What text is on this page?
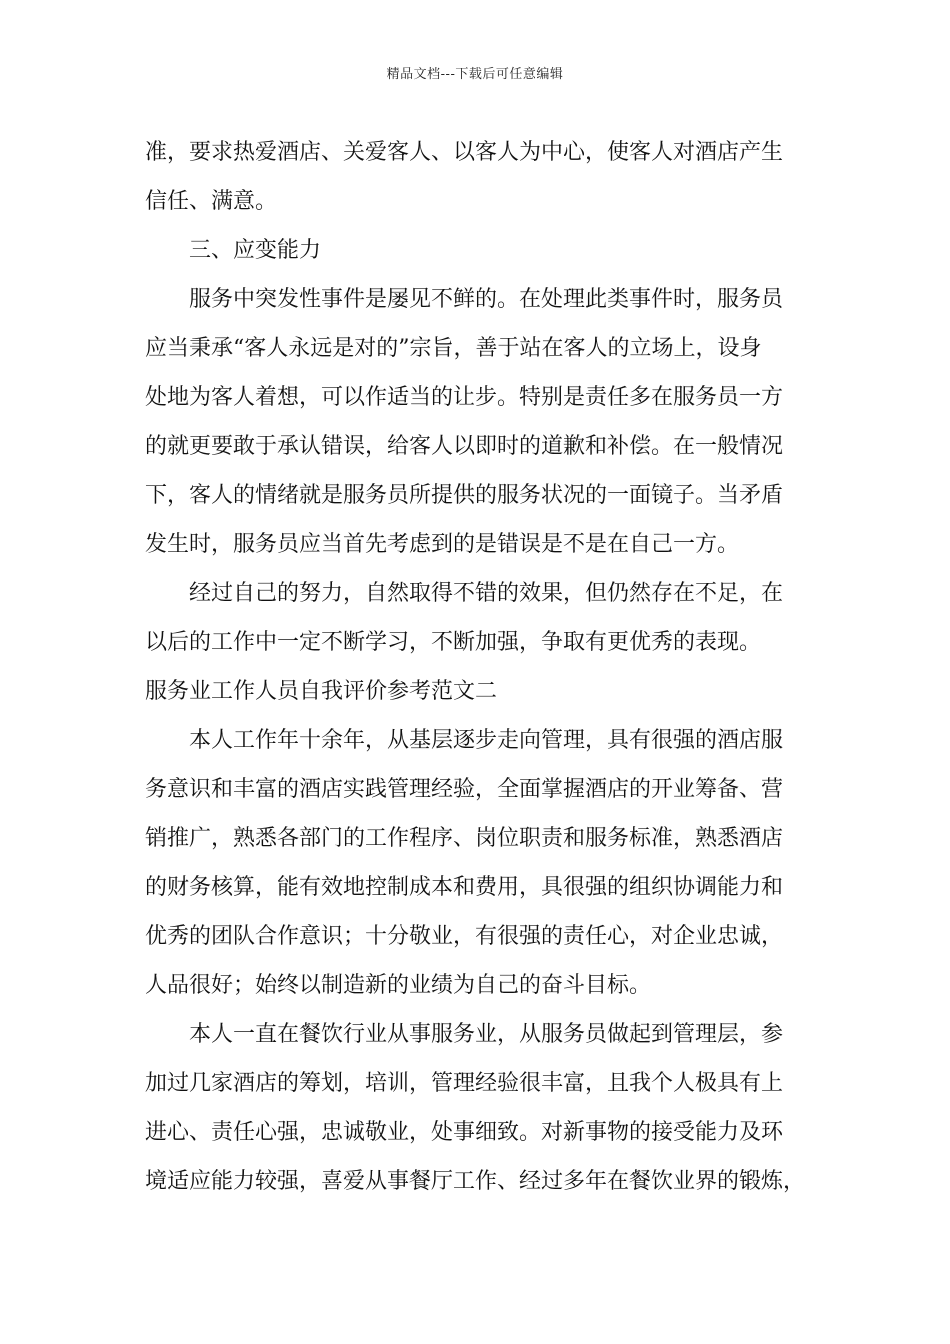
精品文档---下载后可任意编辑
准，要求热爱酒店、关爱客人、以客人为中心，使客人对酒店产生
信任、满意。
三、应变能力
服务中突发性事件是屡见不鲜的。在处理此类事件时，服务员
应当秉承“客人永远是对的”宗旨，善于站在客人的立场上，设身
处地为客人着想，可以作适当的让步。特别是责任多在服务员一方
的就更要敢于承认错误，给客人以即时的道歉和补偿。在一般情况
下，客人的情绪就是服务员所提供的服务状况的一面镜子。当矛盾
发生时，服务员应当首先考虑到的是错误是不是在自己一方。
经过自己的努力，自然取得不错的效果，但仍然存在不足，在
以后的工作中一定不断学习，不断加强，争取有更优秀的表现。
服务业工作人员自我评价参考范文二
本人工作年十余年，从基层逐步走向管理，具有很强的酒店服
务意识和丰富的酒店实践管理经验，全面掌握酒店的开业筹备、营
销推广，熟悉各部门的工作程序、岗位职责和服务标准，熟悉酒店
的财务核算，能有效地控制成本和费用，具很强的组织协调能力和
优秀的团队合作意识；十分敬业，有很强的责任心，对企业忠诚，
人品很好；始终以制造新的业绩为自己的奋斗目标。
本人一直在餐饮行业从事服务业，从服务员做起到管理层，参
加过几家酒店的筹划，培训，管理经验很丰富，且我个人极具有上
进心、责任心强，忠诚敬业，处事细致。对新事物的接受能力及环
境适应能力较强，喜爱从事餐厅工作、经过多年在餐饮业界的锻炼，
